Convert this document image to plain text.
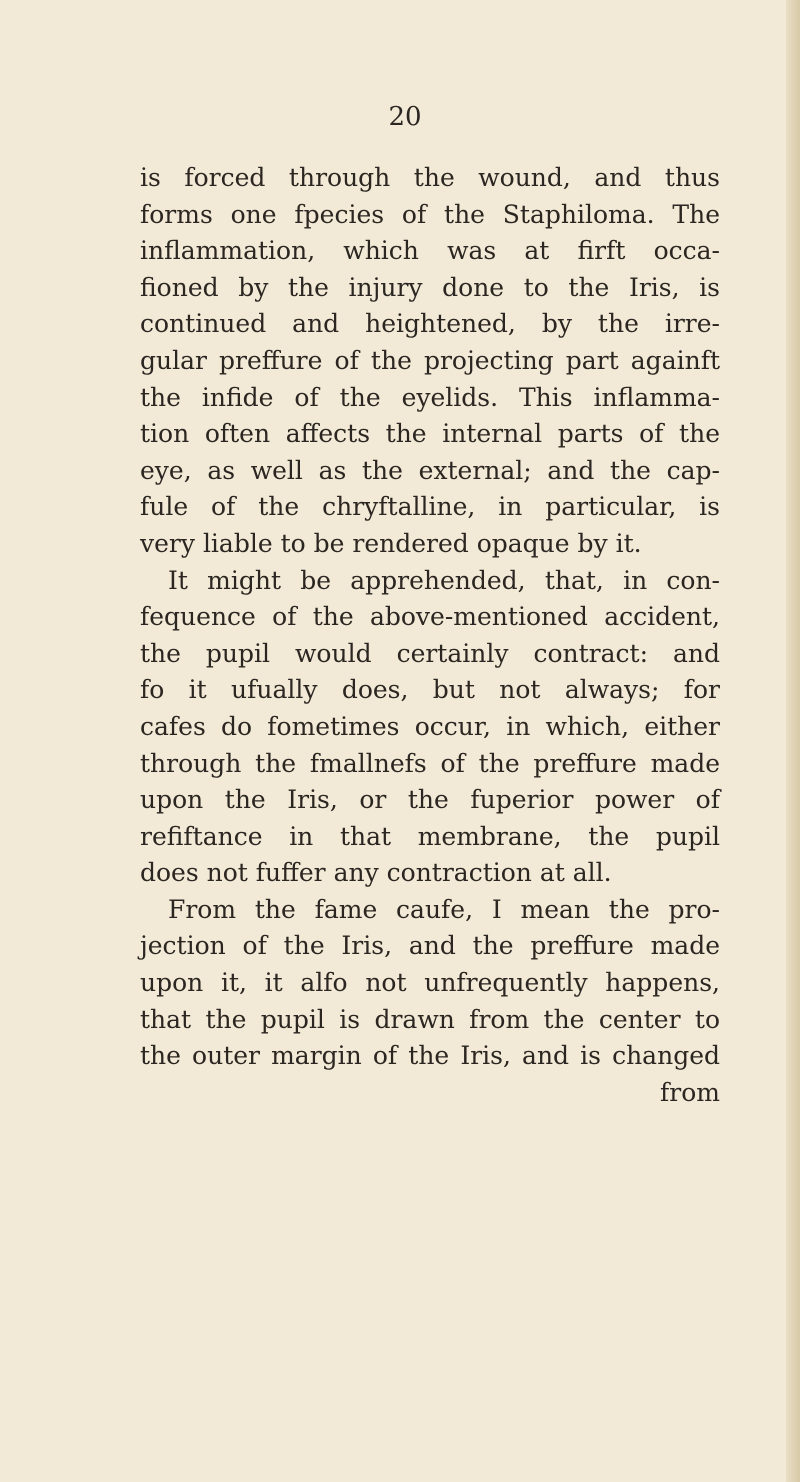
20
is forced through the wound, and thus
forms one fpecies of the Staphiloma. The
inflammation, which was at firft occa-
fioned by the injury done to the Iris, is
continued and heightened, by the irre-
gular preffure of the projecting part againft
the infide of the eyelids. This inflamma-
tion often affects the internal parts of the
eye, as well as the external; and the cap-
fule of the chryftalline, in particular, is
very liable to be rendered opaque by it.
It might be apprehended, that, in con-
fequence of the above-mentioned accident,
the pupil would certainly contract: and
fo it ufually does, but not always; for
cafes do fometimes occur, in which, either
through the fmallnefs of the preffure made
upon the Iris, or the fuperior power of
refiftance in that membrane, the pupil
does not fuffer any contraction at all.
From the fame caufe, I mean the pro-
jection of the Iris, and the preffure made
upon it, it alfo not unfrequently happens,
that the pupil is drawn from the center to
the outer margin of the Iris, and is changed
from
